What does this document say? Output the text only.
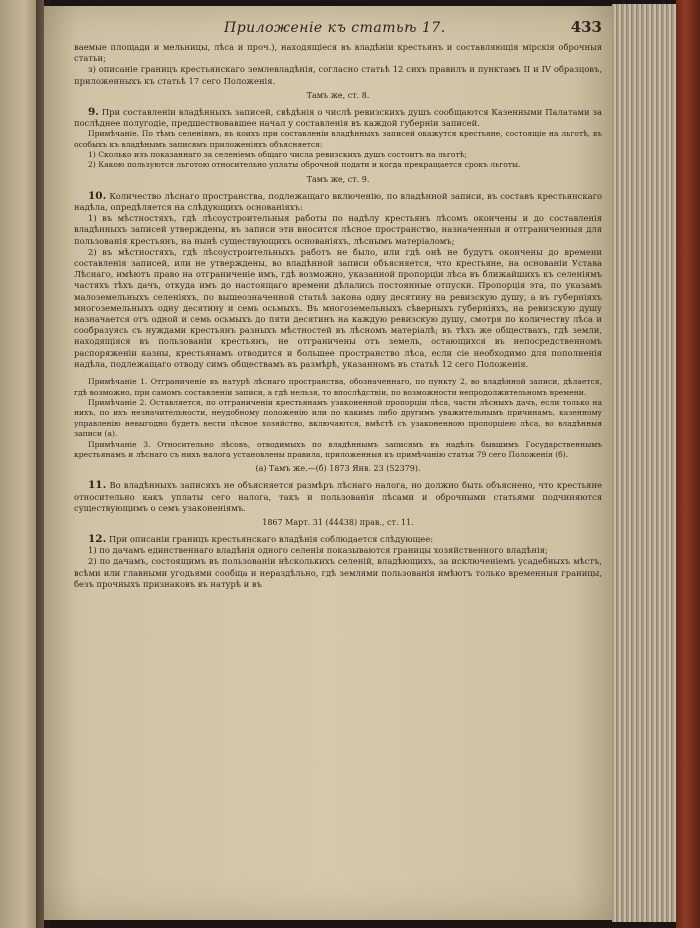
Приложеніе къ статьѣ 17.	433

ваемые площади и мельницы, лѣса и проч.), находящіеся въ владѣніи крестьянъ и составляющія мірскія оброчныя статьи;

з) описаніе границъ крестьянскаго землевладѣнія, согласно статьѣ 12 сихъ правилъ и пунктамъ II и IV образцовъ, приложенныхъ къ статьѣ 17 сего Положенія.

Тамъ же, ст. 8.

9. При составленіи владѣнныхъ записей, свѣдѣнія о числѣ ревизскихъ душъ сообщаются Казенными Палатами за послѣднее полугодіе, предшествовавшее начал у составленія въ каждой губерніи записей.

Примѣчаніе. По тѣмъ селеніямъ, въ коихъ при составленіи владѣнныхъ записей окажутся крестьяне, состоящіе на льготѣ, въ особыхъ къ владѣнымъ записямъ приложеніяхъ объясняется:

1) Сколько изъ показаннаго за селеніемъ общаго числа ревизскихъ душъ состоитъ на льготѣ;

2) Какою пользуются льготою относительно уплаты оброчной подати и когда прекращается срокъ льготы.

Тамъ же, ст. 9.

10. Количество лѣснаго пространства, подлежащаго включенію, по владѣнной записи, въ составъ крестьянскаго надѣла, опредѣляется на слѣдующихъ основаніяхъ:

1) въ мѣстностяхъ, гдѣ лѣсоустроительныя работы по надѣлу крестьянъ лѣсомъ окончены и до составленія владѣнныхъ записей утверждены, въ записи эти вносится лѣсное пространство, назначенныя и отграниченныя для пользованія крестьянъ, на нынѣ существующихъ основаніяхъ, лѣснымъ матеріаломъ;

2) въ мѣстностяхъ, гдѣ лѣсоустроительныхъ работъ не было, или гдѣ онѣ не будутъ окончены до времени составленія записей, или не утверждены, во владѣнной записи объясняется, что крестьяне, на основаніи Устава Лѣснаго, имѣютъ право на отграниченіе имъ, гдѣ возможно, указанной пропорціи лѣса въ ближайшихъ къ селеніямъ частяхъ тѣхъ дачъ, откуда имъ до настоящаго времени дѣлались постоянные отпуски. Пропорція эта, по указамъ малоземельныхъ селеніяхъ, по вышеозначенной статьѣ закона одну десятину на ревизскую душу, а въ губерніяхъ многоземельныхъ одну десятину и семь осьмыхъ. Въ многоземельныхъ сѣверныхъ губерніяхъ, на ревизскую душу назначается отъ одной и семь осьмыхъ до пяти десятинъ на каждую ревизскую душу, смотря по количеству лѣса и сообразуясь съ нуждами крестьянъ разныхъ мѣстностей въ лѣсномъ матеріалѣ; въ тѣхъ же обществахъ, гдѣ земли, находящіяся въ пользованіи крестьянъ, не отграничены отъ земель, остающихся въ непосредственномъ распоряженіи казны, крестьянамъ отводится и большее пространство лѣса, если сіе необходимо для пополненія надѣла, подлежащаго отводу симъ обществамъ въ размѣрѣ, указанномъ въ статьѣ 12 сего Положенія.

Примѣчаніе 1. Отграниченіе въ натурѣ лѣснаго пространства, обозначеннаго, по пункту 2, во владѣнной записи, дѣлается, гдѣ возможно, при самомъ составленіи записи, а гдѣ нельзя, то впослѣдствіи, по возможности непродолжительномъ времени.

Примѣчаніе 2. Оставляется, по отграниченіи крестьянамъ узаконенной пропорціи лѣса, части лѣсныхъ дачъ, если только на нихъ, по ихъ незначительности, неудобному положенію или по какимъ либо другимъ уважительнымъ причинамъ, казенному управленію невыгодно будетъ вести лѣсное хозяйство, включаются, вмѣстѣ съ узаконенною пропорціею лѣса, во владѣнныя записи (а).

Примѣчаніе 3. Относительно лѣсовъ, отводимыхъ по владѣннымъ записямъ въ надѣлъ бывшимъ Государственнымъ крестьянамъ и лѣснаго съ нихъ налога установлены правила, приложенныя къ примѣчанію статьи 79 сего Положенія (б).

(а) Тамъ же.—(б) 1873 Янв. 23 (52379).

11. Во владѣнныхъ записяхъ не объясняется размѣръ лѣснаго налога, но должно быть объяснено, что крестьяне относительно какъ уплаты сего налога, такъ и пользованія лѣсами и оброчными статьями подчиняются существующимъ о семъ узаконеніямъ.

1867 Март. 31 (44438) прав., ст. 11.

12. При описаніи границъ крестьянскаго владѣнія соблюдается слѣдующее:

1) по дачамъ единственнаго владѣнія одного селенія показываются границы хозяйственного владѣнія;

2) по дачамъ, состоящимъ въ пользованіи нѣсколькихъ селеній, владѣющихъ, за исключеніемъ усадебныхъ мѣстъ, всѣми или главными угодьями сообща и нераздѣльно, гдѣ землями пользованія имѣютъ только временныя границы, безъ прочныхъ признаковъ въ натурѣ и въ
